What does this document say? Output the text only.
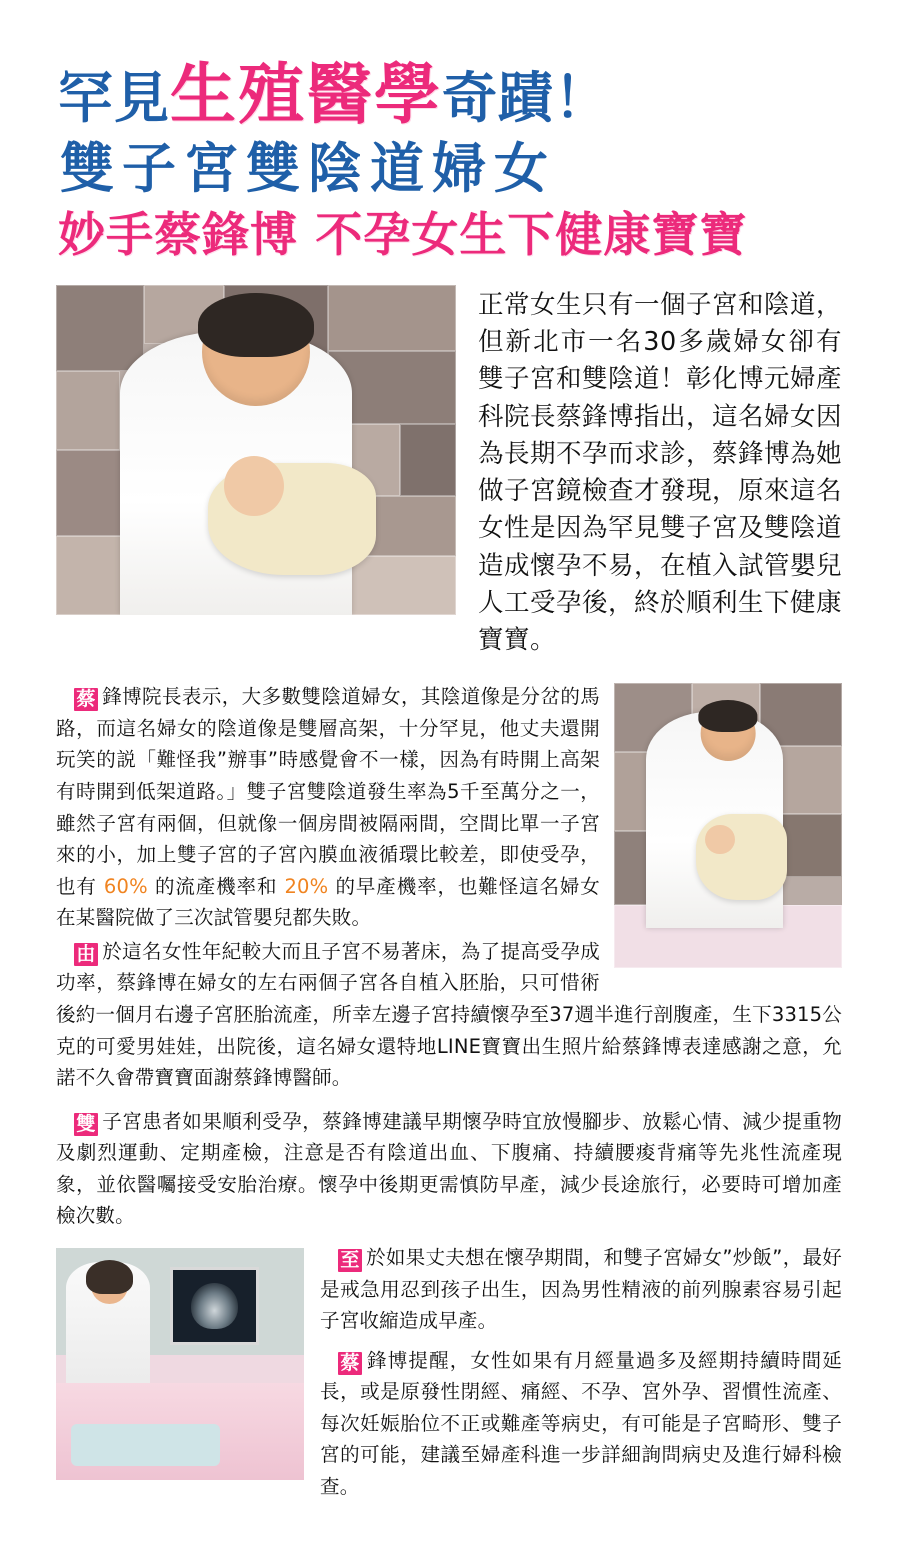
罕見生殖醫學奇蹟！
雙子宮雙陰道婦女
妙手蔡鋒博 不孕女生下健康寶寶
正常女生只有一個子宮和陰道，但新北市一名30多歲婦女卻有雙子宮和雙陰道！彰化博元婦產科院長蔡鋒博指出，這名婦女因為長期不孕而求診，蔡鋒博為她做子宮鏡檢查才發現，原來這名女性是因為罕見雙子宮及雙陰道造成懷孕不易，在植入試管嬰兒人工受孕後，終於順利生下健康寶寶。

蔡 鋒博院長表示，大多數雙陰道婦女，其陰道像是分岔的馬路，而這名婦女的陰道像是雙層高架，十分罕見，他丈夫還開玩笑的説「難怪我”辦事”時感覺會不一樣，因為有時開上高架有時開到低架道路。」雙子宮雙陰道發生率為5千至萬分之一，雖然子宮有兩個，但就像一個房間被隔兩間，空間比單一子宮來的小，加上雙子宮的子宮內膜血液循環比較差，即使受孕，也有 60% 的流產機率和 20% 的早產機率，也難怪這名婦女在某醫院做了三次試管嬰兒都失敗。

由 於這名女性年紀較大而且子宮不易著床，為了提高受孕成功率，蔡鋒博在婦女的左右兩個子宮各自植入胚胎，只可惜術後約一個月右邊子宮胚胎流產，所幸左邊子宮持續懷孕至37週半進行剖腹產，生下3315公克的可愛男娃娃，出院後，這名婦女還特地LINE寶寶出生照片給蔡鋒博表達感謝之意，允諾不久會帶寶寶面謝蔡鋒博醫師。

雙 子宮患者如果順利受孕，蔡鋒博建議早期懷孕時宜放慢腳步、放鬆心情、減少提重物及劇烈運動、定期產檢，注意是否有陰道出血、下腹痛、持續腰痠背痛等先兆性流產現象，並依醫囑接受安胎治療。懷孕中後期更需慎防早產，減少長途旅行，必要時可增加產檢次數。

至 於如果丈夫想在懷孕期間，和雙子宮婦女”炒飯”，最好是戒急用忍到孩子出生，因為男性精液的前列腺素容易引起子宮收縮造成早產。

蔡 鋒博提醒，女性如果有月經量過多及經期持續時間延長，或是原發性閉經、痛經、不孕、宮外孕、習慣性流產、每次妊娠胎位不正或難產等病史，有可能是子宮畸形、雙子宮的可能，建議至婦產科進一步詳細詢問病史及進行婦科檢查。
